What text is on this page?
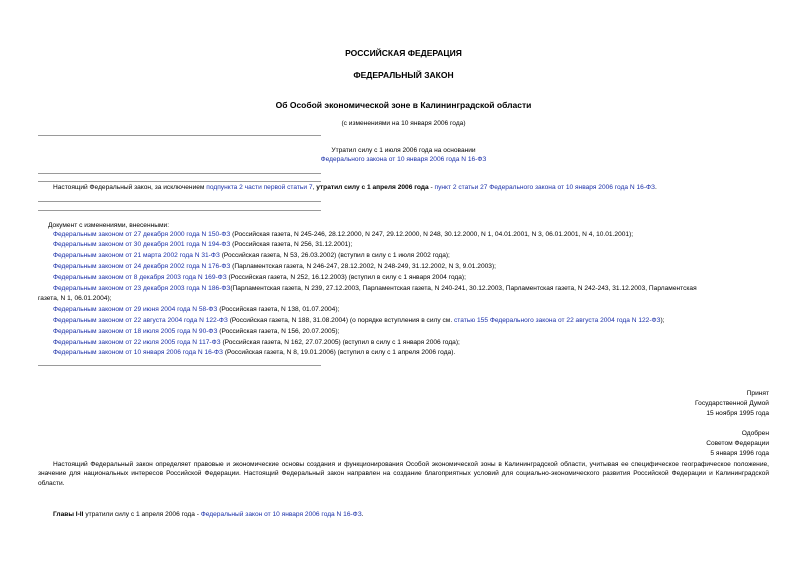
РОССИЙСКАЯ ФЕДЕРАЦИЯ
ФЕДЕРАЛЬНЫЙ ЗАКОН
Об Особой экономической зоне в Калининградской области
(с изменениями на 10 января 2006 года)
Утратил силу с 1 июля 2006 года на основании
Федерального закона от 10 января 2006 года N 16-ФЗ
Настоящий Федеральный закон, за исключением подпункта 2 части первой статьи 7, утратил силу с 1 апреля 2006 года - пункт 2 статьи 27 Федерального закона от 10 января 2006 года N 16-ФЗ.
Документ с изменениями, внесенными:
Федеральным законом от 27 декабря 2000 года N 150-ФЗ (Российская газета, N 245-246, 28.12.2000, N 247, 29.12.2000, N 248, 30.12.2000, N 1, 04.01.2001, N 3, 06.01.2001, N 4, 10.01.2001);
Федеральным законом от 30 декабря 2001 года N 194-ФЗ (Российская газета, N 256, 31.12.2001);
Федеральным законом от 21 марта 2002 года N 31-ФЗ (Российская газета, N 53, 26.03.2002) (вступил в силу с 1 июля 2002 года);
Федеральным законом от 24 декабря 2002 года N 176-ФЗ (Парламентская газета, N 246-247, 28.12.2002, N 248-249, 31.12.2002, N 3, 9.01.2003);
Федеральным законом от 8 декабря 2003 года N 169-ФЗ (Российская газета, N 252, 16.12.2003) (вступил в силу с 1 января 2004 года);
Федеральным законом от 23 декабря 2003 года N 186-ФЗ(Парламентская газета, N 239, 27.12.2003, Парламентская газета, N 240-241, 30.12.2003, Парламентская газета, N 242-243, 31.12.2003, Парламентская
газета, N 1, 06.01.2004);
Федеральным законом от 29 июня 2004 года N 58-ФЗ (Российская газета, N 138, 01.07.2004);
Федеральным законом от 22 августа 2004 года N 122-ФЗ (Российская газета, N 188, 31.08.2004) (о порядке вступления в силу см. статью 155 Федерального закона от 22 августа 2004 года N 122-ФЗ);
Федеральным законом от 18 июля 2005 года N 90-ФЗ (Российская газета, N 156, 20.07.2005);
Федеральным законом от 22 июля 2005 года N 117-ФЗ (Российская газета, N 162, 27.07.2005) (вступил в силу с 1 января 2006 года);
Федеральным законом от 10 января 2006 года N 16-ФЗ (Российская газета, N 8, 19.01.2006) (вступил в силу с 1 апреля 2006 года).
Принят
Государственной Думой
15 ноября 1995 года
Одобрен
Советом Федерации
5 января 1996 года
Настоящий Федеральный закон определяет правовые и экономические основы создания и функционирования Особой экономической зоны в Калининградской области, учитывая ее специфическое географическое положение, значение для национальных интересов Российской Федерации. Настоящий Федеральный закон направлен на создание благоприятных условий для социально-экономического развития Российской Федерации и Калининградской области.
Главы I-II утратили силу с 1 апреля 2006 года - Федеральный закон от 10 января 2006 года N 16-ФЗ.
